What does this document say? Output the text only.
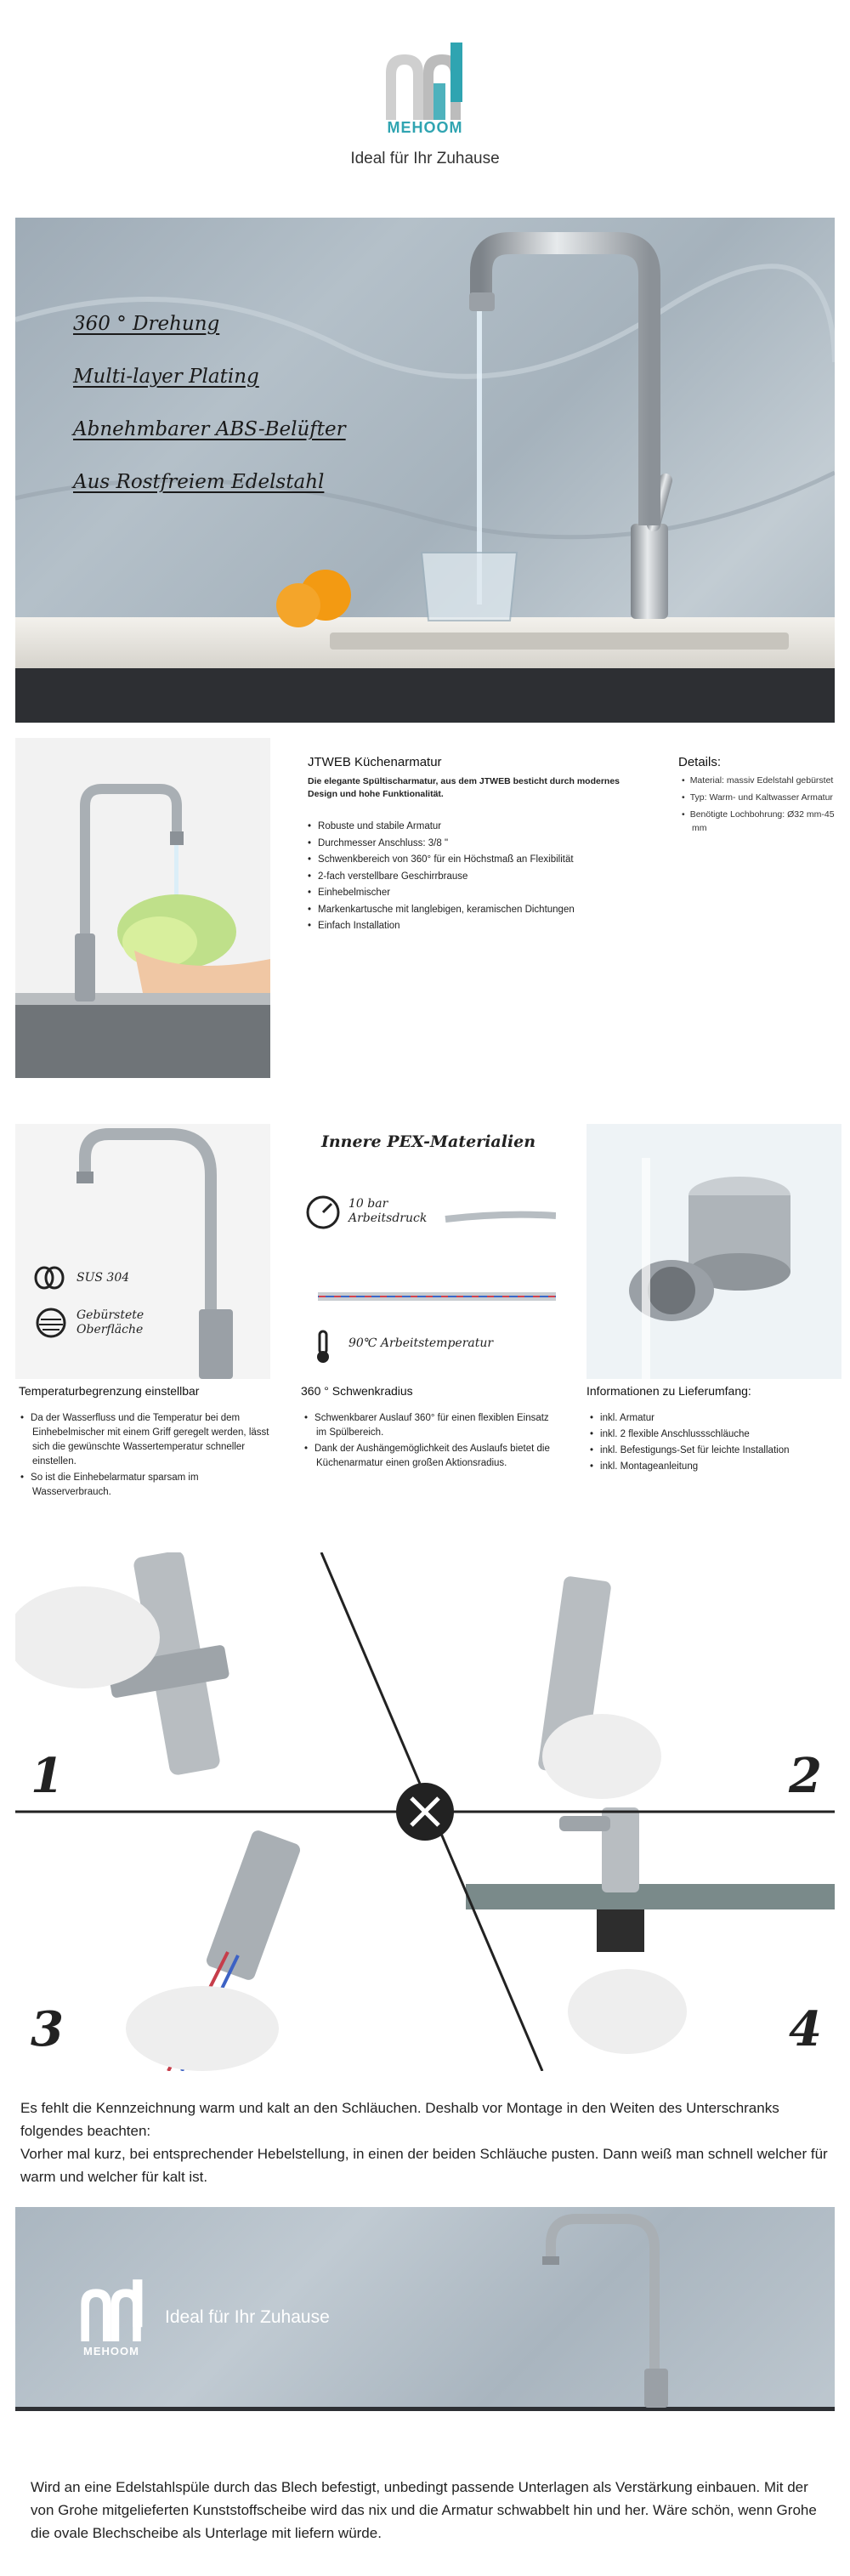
MEHOOM
Ideal für Ihr Zuhause
360 ° Drehung
Multi-layer Plating
Abnehmbarer ABS-Belüfter
Aus Rostfreiem Edelstahl
JTWEB Küchenarmatur
Die elegante Spültischarmatur, aus dem JTWEB besticht durch modernes Design und hohe Funktionalität.
• Robuste und stabile Armatur
• Durchmesser Anschluss: 3/8 "
• Schwenkbereich von 360° für ein Höchstmaß an Flexibilität
• 2-fach verstellbare Geschirrbrause
• Einhebelmischer
• Markenkartusche mit langlebigen, keramischen Dichtungen
• Einfach Installation
Details:
• Material: massiv Edelstahl gebürstet
• Typ: Warm- und Kaltwasser Armatur
• Benötigte Lochbohrung: Ø32 mm-45 mm
SUS 304
Gebürstete
Oberfläche
Innere PEX-Materialien
10 bar
Arbeitsdruck
90℃ Arbeitstemperatur
Temperaturbegrenzung einstellbar	360 ° Schwenkradius	Informationen zu Lieferumfang:
• Da der Wasserfluss und die Temperatur bei dem Einhebelmischer mit einem Griff geregelt werden, lässt sich die gewünschte Wassertemperatur schneller einstellen.
• So ist die Einhebelarmatur sparsam im Wasserverbrauch.
• Schwenkbarer Auslauf 360° für einen flexiblen Einsatz im Spülbereich.
• Dank der Aushängemöglichkeit des Auslaufs bietet die Küchenarmatur einen großen Aktionsradius.
• inkl. Armatur
• inkl. 2 flexible Anschlussschläuche
• inkl. Befestigungs-Set für leichte Installation
• inkl. Montageanleitung
1	2
3	4
Es fehlt die Kennzeichnung warm und kalt an den Schläuchen. Deshalb vor Montage in den Weiten des Unterschranks folgendes beachten:
Vorher mal kurz, bei entsprechender Hebelstellung, in einen der beiden Schläuche pusten. Dann weiß man schnell welcher für warm und welcher für kalt ist.
MEHOOM
Ideal für Ihr Zuhause
Wird an eine Edelstahlspüle durch das Blech befestigt, unbedingt passende Unterlagen als Verstärkung einbauen. Mit der von Grohe mitgelieferten Kunststoffscheibe wird das nix und die Armatur schwabbelt hin und her. Wäre schön, wenn Grohe die ovale Blechscheibe als Unterlage mit liefern würde.
